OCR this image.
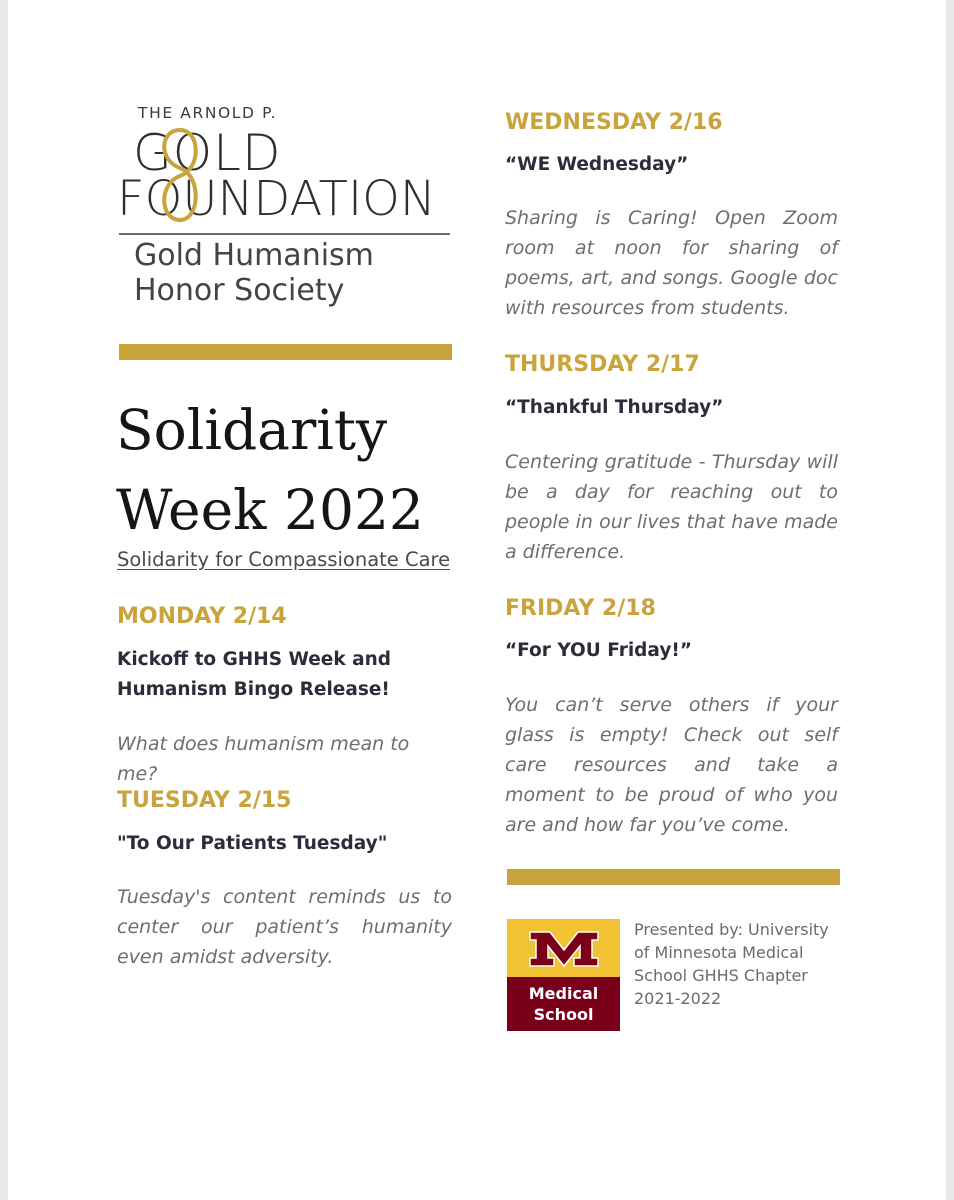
THE ARNOLD P.
GOLD
FOUNDATION
Gold Humanism
Honor Society
Solidarity
Week 2022
Solidarity for Compassionate Care
MONDAY 2/14
Kickoff to GHHS Week and Humanism Bingo Release!
What does humanism mean to me?
TUESDAY 2/15
"To Our Patients Tuesday"
Tuesday's content reminds us to center our patient’s humanity even amidst adversity.
WEDNESDAY 2/16
“WE Wednesday”
Sharing is Caring! Open Zoom room at noon for sharing of poems, art, and songs. Google doc with resources from students.
THURSDAY 2/17
“Thankful Thursday”
Centering gratitude - Thursday will be a day for reaching out to people in our lives that have made a difference.
FRIDAY 2/18
“For YOU Friday!”
You can’t serve others if your glass is empty! Check out self care resources and take a moment to be proud of who you are and how far you’ve come.
Medical School
Presented by: University of Minnesota Medical School GHHS Chapter 2021-2022
